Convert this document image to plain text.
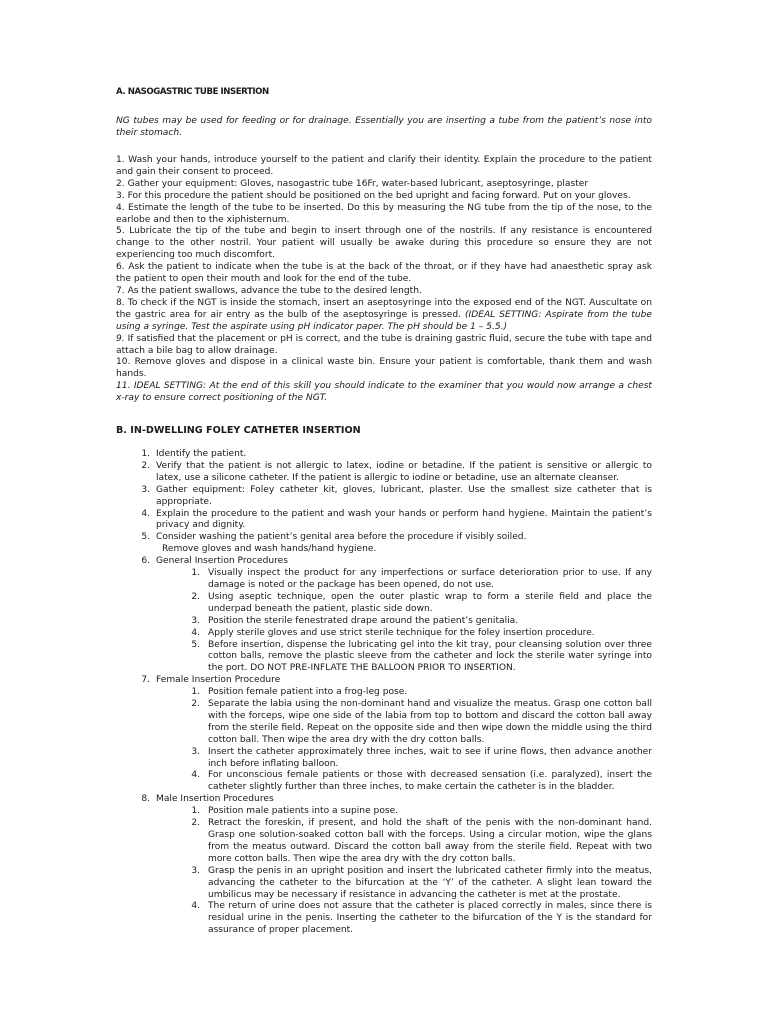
A. NASOGASTRIC TUBE INSERTION

NG tubes may be used for feeding or for drainage. Essentially you are inserting a tube from the patient’s nose into their stomach.

1. Wash your hands, introduce yourself to the patient and clarify their identity. Explain the procedure to the patient and gain their consent to proceed.

2. Gather your equipment: Gloves, nasogastric tube 16Fr, water-based lubricant, aseptosyringe, plaster

3. For this procedure the patient should be positioned on the bed upright and facing forward. Put on your gloves.

4. Estimate the length of the tube to be inserted. Do this by measuring the NG tube from the tip of the nose, to the earlobe and then to the xiphisternum.

5. Lubricate the tip of the tube and begin to insert through one of the nostrils. If any resistance is encountered change to the other nostril. Your patient will usually be awake during this procedure so ensure they are not experiencing too much discomfort.

6. Ask the patient to indicate when the tube is at the back of the throat, or if they have had anaesthetic spray ask the patient to open their mouth and look for the end of the tube.

7. As the patient swallows, advance the tube to the desired length.

8. To check if the NGT is inside the stomach, insert an aseptosyringe into the exposed end of the NGT. Auscultate on the gastric area for air entry as the bulb of the aseptosyringe is pressed. (IDEAL SETTING: Aspirate from the tube using a syringe. Test the aspirate using pH indicator paper. The pH should be 1 – 5.5.)

9. If satisfied that the placement or pH is correct, and the tube is draining gastric fluid, secure the tube with tape and attach a bile bag to allow drainage.

10. Remove gloves and dispose in a clinical waste bin. Ensure your patient is comfortable, thank them and wash hands.

11. IDEAL SETTING: At the end of this skill you should indicate to the examiner that you would now arrange a chest x-ray to ensure correct positioning of the NGT.

B. IN-DWELLING FOLEY CATHETER INSERTION

1. Identify the patient.
2. Verify that the patient is not allergic to latex, iodine or betadine. If the patient is sensitive or allergic to latex, use a silicone catheter. If the patient is allergic to iodine or betadine, use an alternate cleanser.
3. Gather equipment: Foley catheter kit, gloves, lubricant, plaster. Use the smallest size catheter that is appropriate.
4. Explain the procedure to the patient and wash your hands or perform hand hygiene. Maintain the patient’s privacy and dignity.
5. Consider washing the patient’s genital area before the procedure if visibly soiled.
Remove gloves and wash hands/hand hygiene.
6. General Insertion Procedures
1. Visually inspect the product for any imperfections or surface deterioration prior to use. If any damage is noted or the package has been opened, do not use.
2. Using aseptic technique, open the outer plastic wrap to form a sterile field and place the underpad beneath the patient, plastic side down.
3. Position the sterile fenestrated drape around the patient’s genitalia.
4. Apply sterile gloves and use strict sterile technique for the foley insertion procedure.
5. Before insertion, dispense the lubricating gel into the kit tray, pour cleansing solution over three cotton balls, remove the plastic sleeve from the catheter and lock the sterile water syringe into the port. DO NOT PRE-INFLATE THE BALLOON PRIOR TO INSERTION.
7. Female Insertion Procedure
1. Position female patient into a frog-leg pose.
2. Separate the labia using the non-dominant hand and visualize the meatus. Grasp one cotton ball with the forceps, wipe one side of the labia from top to bottom and discard the cotton ball away from the sterile field. Repeat on the opposite side and then wipe down the middle using the third cotton ball. Then wipe the area dry with the dry cotton balls.
3. Insert the catheter approximately three inches, wait to see if urine flows, then advance another inch before inflating balloon.
4. For unconscious female patients or those with decreased sensation (i.e. paralyzed), insert the catheter slightly further than three inches, to make certain the catheter is in the bladder.
8. Male Insertion Procedures
1. Position male patients into a supine pose.
2. Retract the foreskin, if present, and hold the shaft of the penis with the non-dominant hand. Grasp one solution-soaked cotton ball with the forceps. Using a circular motion, wipe the glans from the meatus outward. Discard the cotton ball away from the sterile field. Repeat with two more cotton balls. Then wipe the area dry with the dry cotton balls.
3. Grasp the penis in an upright position and insert the lubricated catheter firmly into the meatus, advancing the catheter to the bifurcation at the ‘Y’ of the catheter. A slight lean toward the umbilicus may be necessary if resistance in advancing the catheter is met at the prostate.
4. The return of urine does not assure that the catheter is placed correctly in males, since there is residual urine in the penis. Inserting the catheter to the bifurcation of the Y is the standard for assurance of proper placement.
